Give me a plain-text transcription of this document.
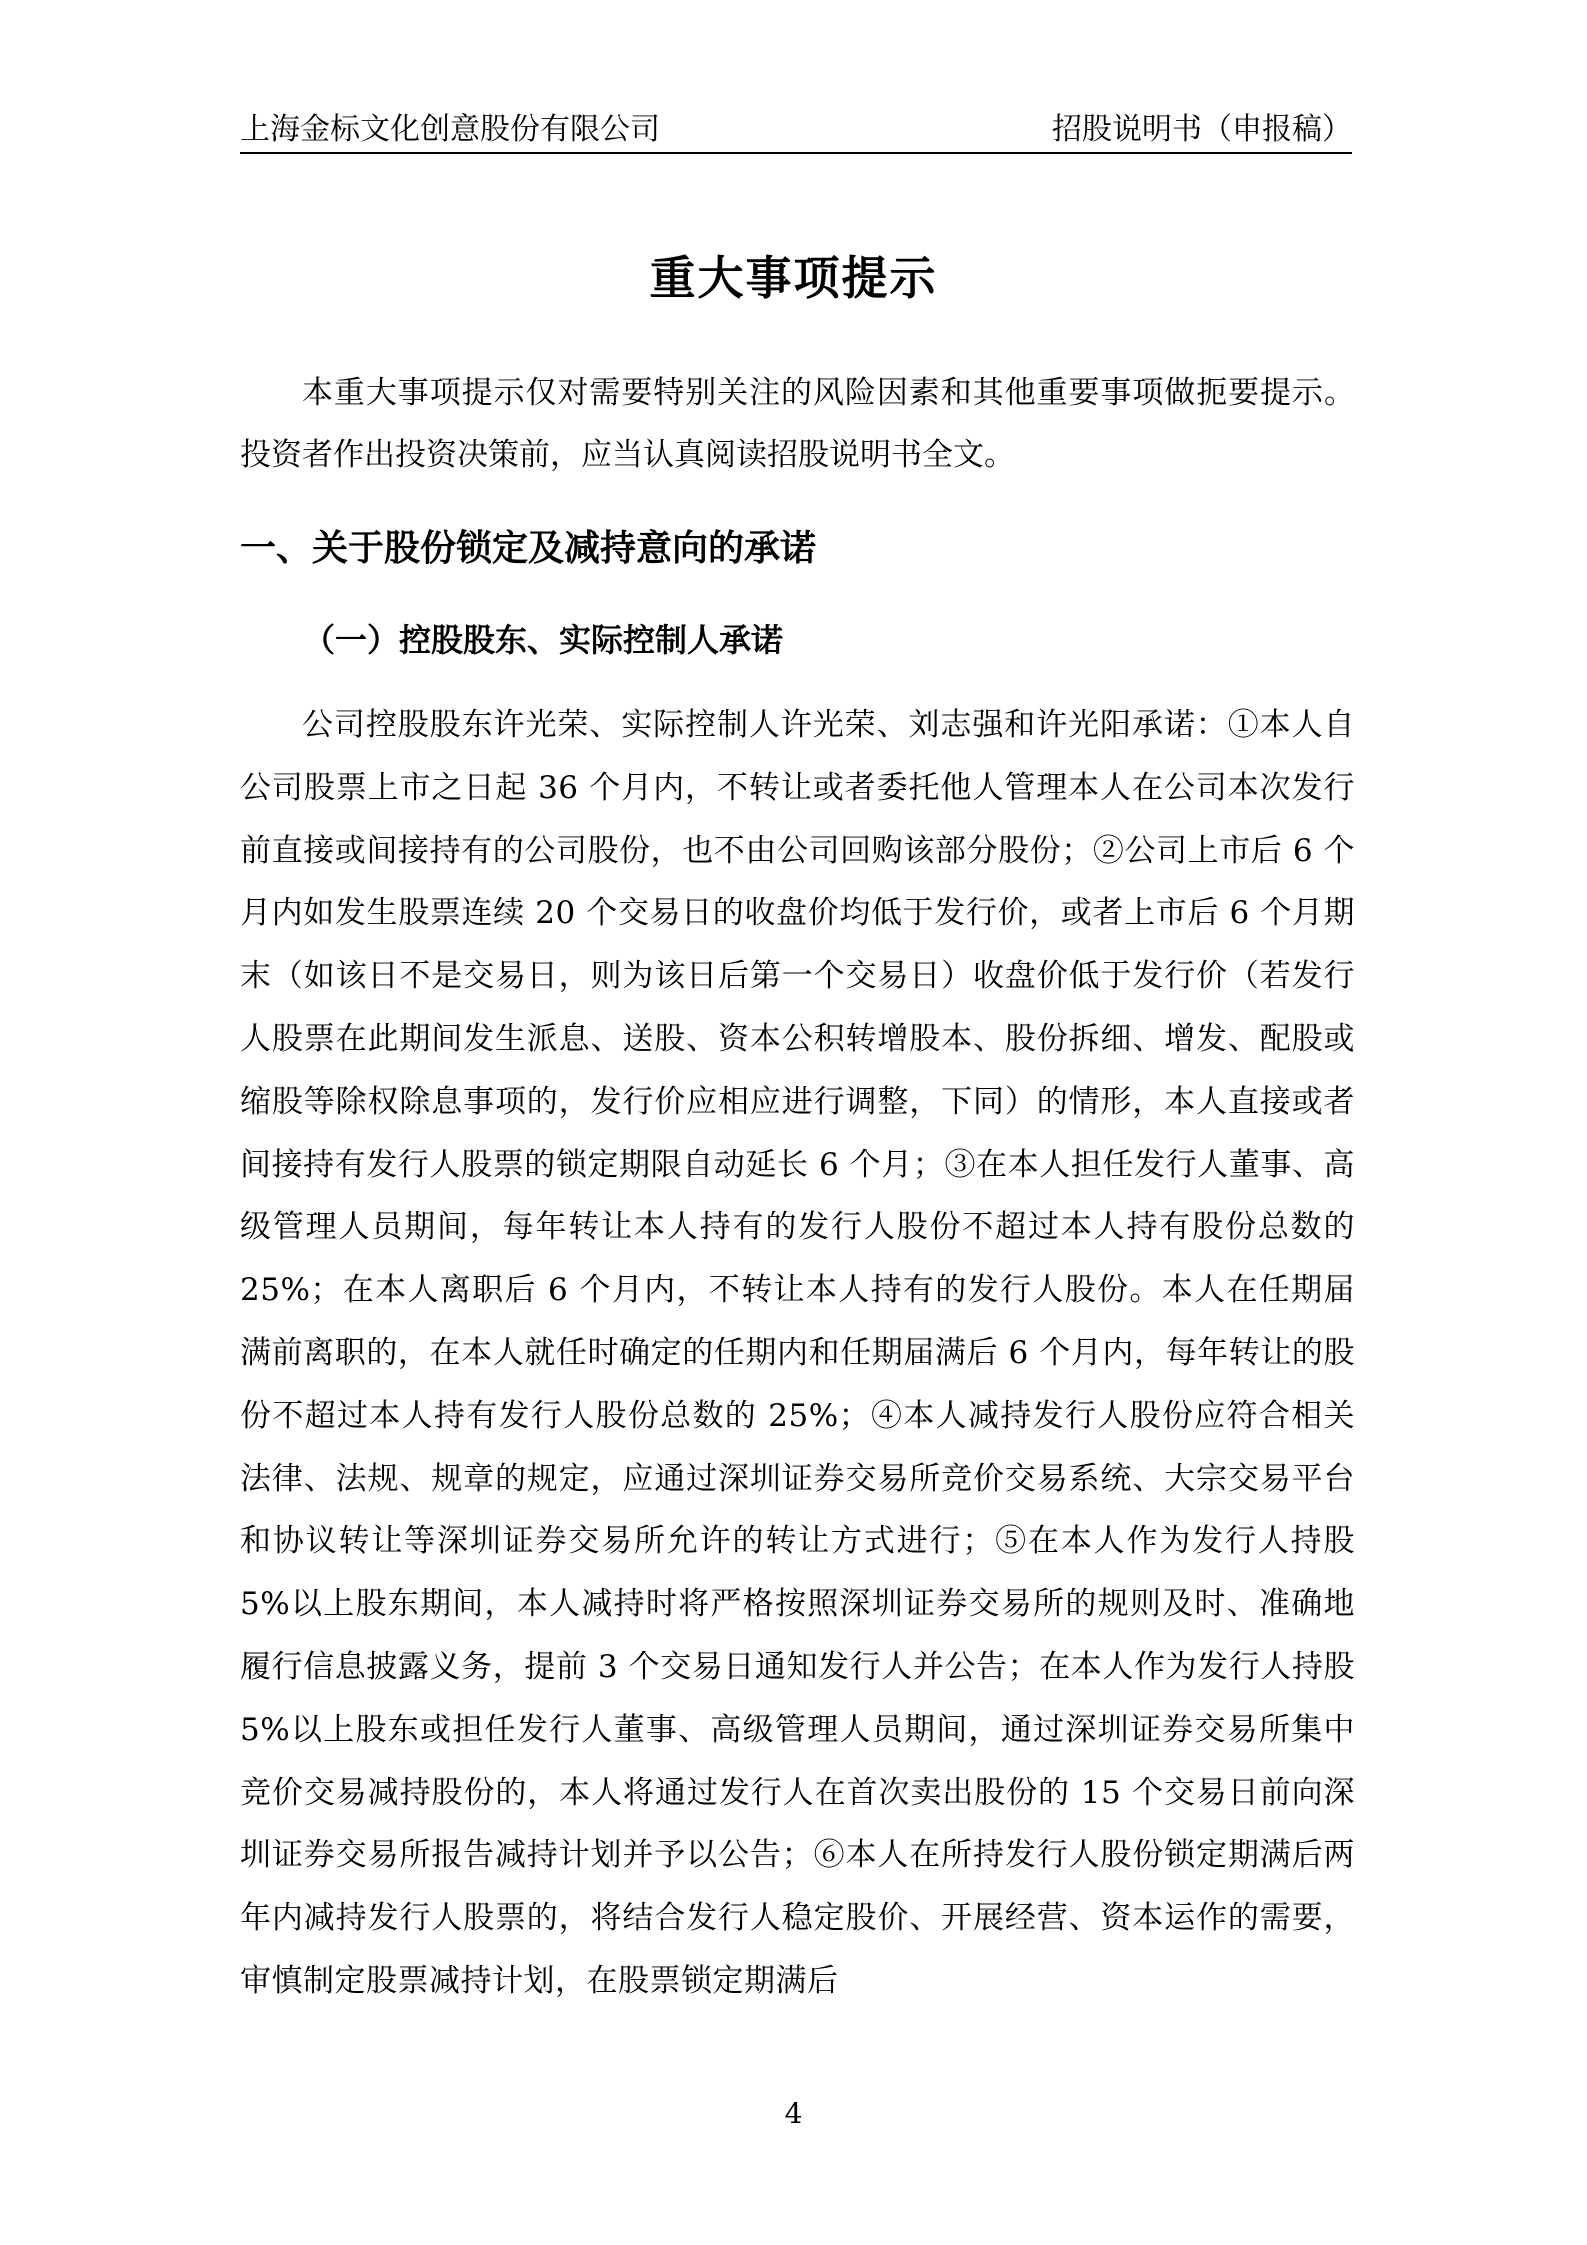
上海金标文化创意股份有限公司	招股说明书（申报稿）
重大事项提示

本重大事项提示仅对需要特别关注的风险因素和其他重要事项做扼要提示。投资者作出投资决策前，应当认真阅读招股说明书全文。

一、关于股份锁定及减持意向的承诺
（一）控股股东、实际控制人承诺

公司控股股东许光荣、实际控制人许光荣、刘志强和许光阳承诺：①本人自公司股票上市之日起 36 个月内，不转让或者委托他人管理本人在公司本次发行前直接或间接持有的公司股份，也不由公司回购该部分股份；②公司上市后 6 个月内如发生股票连续 20 个交易日的收盘价均低于发行价，或者上市后 6 个月期末（如该日不是交易日，则为该日后第一个交易日）收盘价低于发行价（若发行人股票在此期间发生派息、送股、资本公积转增股本、股份拆细、增发、配股或缩股等除权除息事项的，发行价应相应进行调整，下同）的情形，本人直接或者间接持有发行人股票的锁定期限自动延长 6 个月；③在本人担任发行人董事、高级管理人员期间，每年转让本人持有的发行人股份不超过本人持有股份总数的 25%；在本人离职后 6 个月内，不转让本人持有的发行人股份。本人在任期届满前离职的，在本人就任时确定的任期内和任期届满后 6 个月内，每年转让的股份不超过本人持有发行人股份总数的 25%；④本人减持发行人股份应符合相关法律、法规、规章的规定，应通过深圳证券交易所竞价交易系统、大宗交易平台和协议转让等深圳证券交易所允许的转让方式进行；⑤在本人作为发行人持股 5%以上股东期间，本人减持时将严格按照深圳证券交易所的规则及时、准确地履行信息披露义务，提前 3 个交易日通知发行人并公告；在本人作为发行人持股 5%以上股东或担任发行人董事、高级管理人员期间，通过深圳证券交易所集中竞价交易减持股份的，本人将通过发行人在首次卖出股份的 15 个交易日前向深圳证券交易所报告减持计划并予以公告；⑥本人在所持发行人股份锁定期满后两年内减持发行人股票的，将结合发行人稳定股价、开展经营、资本运作的需要，审慎制定股票减持计划，在股票锁定期满后

4
